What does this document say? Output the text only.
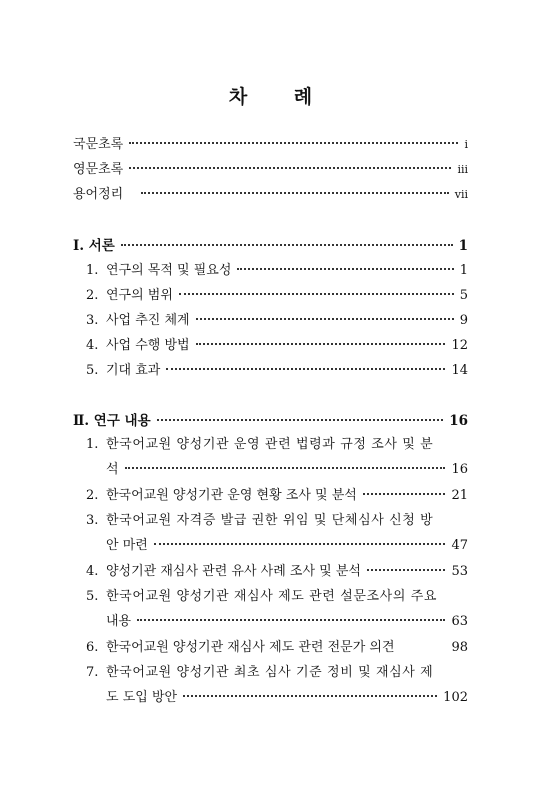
차 례
국문초록	i
영문초록	iii
용어정리	vii
Ⅰ. 서론	1
1. 연구의 목적 및 필요성	1
2. 연구의 범위	5
3. 사업 추진 체계	9
4. 사업 수행 방법	12
5. 기대 효과	14
Ⅱ. 연구 내용	16
1. 한국어교원 양성기관 운영 관련 법령과 규정 조사 및 분
석	16
2. 한국어교원 양성기관 운영 현황 조사 및 분석	21
3. 한국어교원 자격증 발급 권한 위임 및 단체심사 신청 방
안 마련	47
4. 양성기관 재심사 관련 유사 사례 조사 및 분석	53
5. 한국어교원 양성기관 재심사 제도 관련 설문조사의 주요
내용	63
6. 한국어교원 양성기관 재심사 제도 관련 전문가 의견	98
7. 한국어교원 양성기관 최초 심사 기준 정비 및 재심사 제
도 도입 방안	102
